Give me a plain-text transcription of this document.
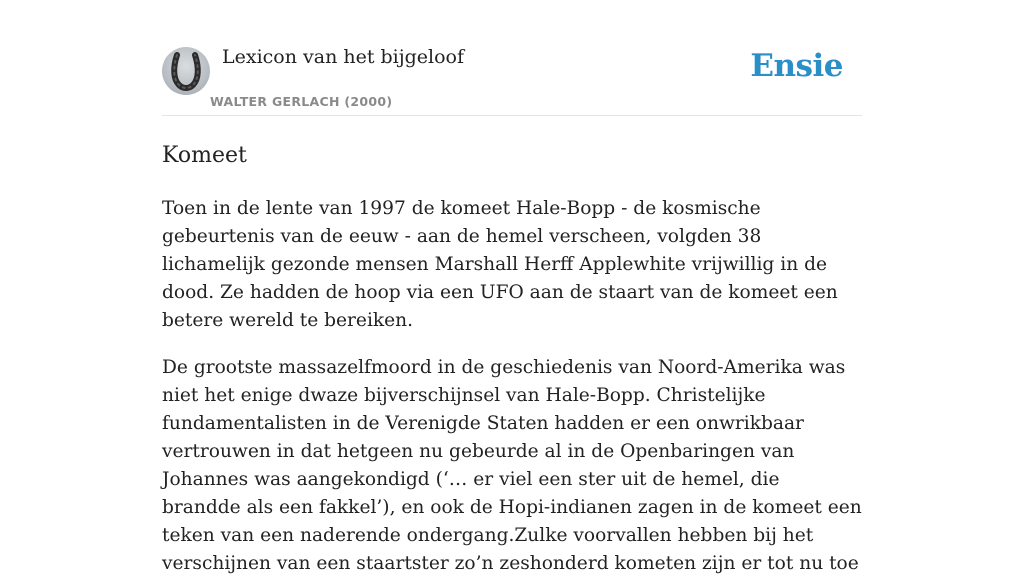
Lexicon van het bijgeloof
WALTER GERLACH (2000)
Ensie
Komeet

Toen in de lente van 1997 de komeet Hale-Bopp - de kosmische gebeurtenis van de eeuw - aan de hemel verscheen, volgden 38 lichamelijk gezonde mensen Marshall Herff Applewhite vrijwillig in de dood. Ze hadden de hoop via een UFO aan de staart van de komeet een betere wereld te bereiken.

De grootste massazelfmoord in de geschiedenis van Noord-Amerika was niet het enige dwaze bijverschijnsel van Hale-Bopp. Christelijke fundamentalisten in de Verenigde Staten hadden er een onwrikbaar vertrouwen in dat hetgeen nu gebeurde al in de Openbaringen van Johannes was aangekondigd (‘… er viel een ster uit de hemel, die brandde als een fakkel’), en ook de Hopi-indianen zagen in de komeet een teken van een naderende ondergang.Zulke voorvallen hebben bij het verschijnen van een staartster zo’n zeshonderd kometen zijn er tot nu toe
